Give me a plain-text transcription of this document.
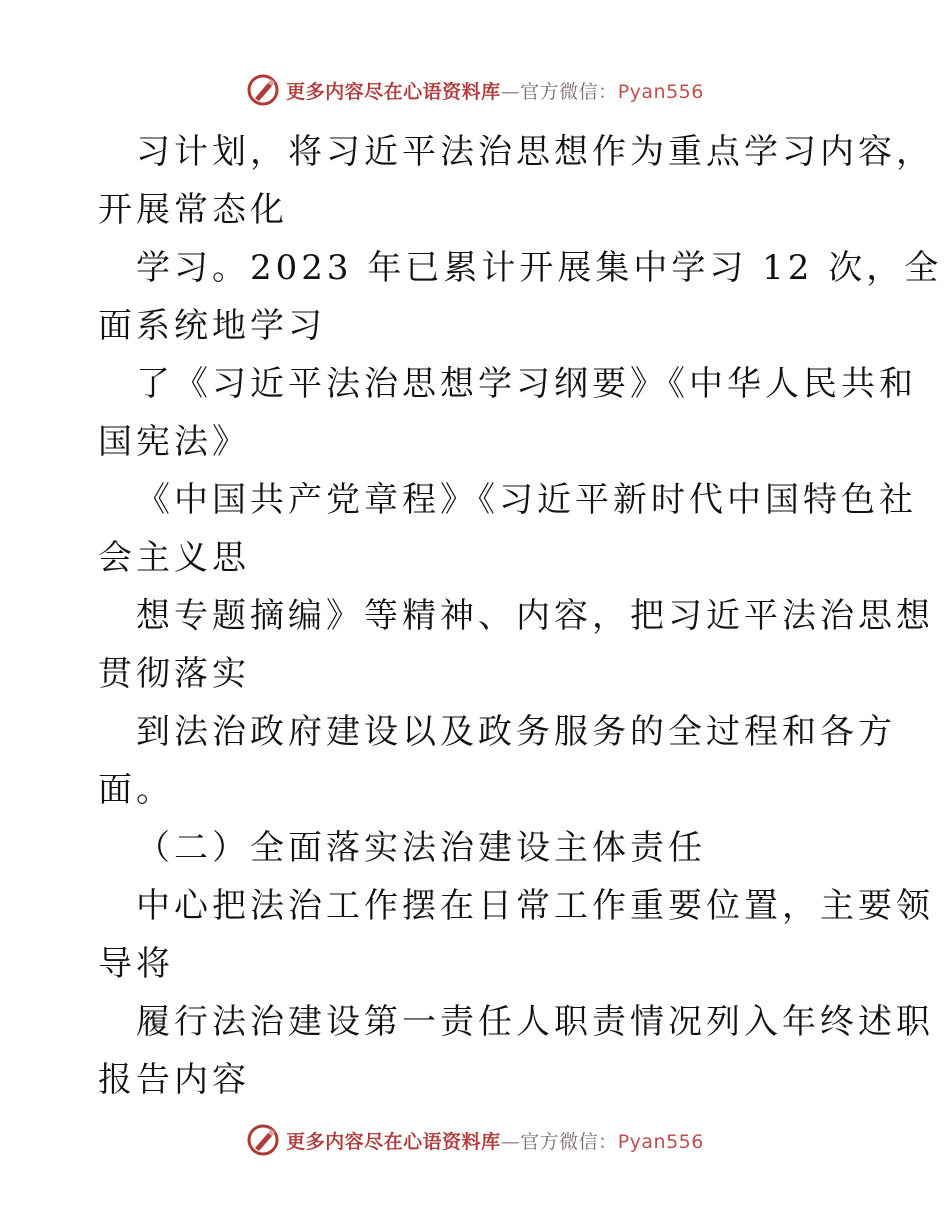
更多内容尽在心语资料库—官方微信：Pyan556
习计划，将习近平法治思想作为重点学习内容，
开展常态化
学习。2023 年已累计开展集中学习 12 次，全
面系统地学习
了《习近平法治思想学习纲要》《中华人民共和
国宪法》
《中国共产党章程》《习近平新时代中国特色社
会主义思
想专题摘编》等精神、内容，把习近平法治思想
贯彻落实
到法治政府建设以及政务服务的全过程和各方
面。
（二）全面落实法治建设主体责任
中心把法治工作摆在日常工作重要位置，主要领
导将
履行法治建设第一责任人职责情况列入年终述职
报告内容
更多内容尽在心语资料库—官方微信：Pyan556
